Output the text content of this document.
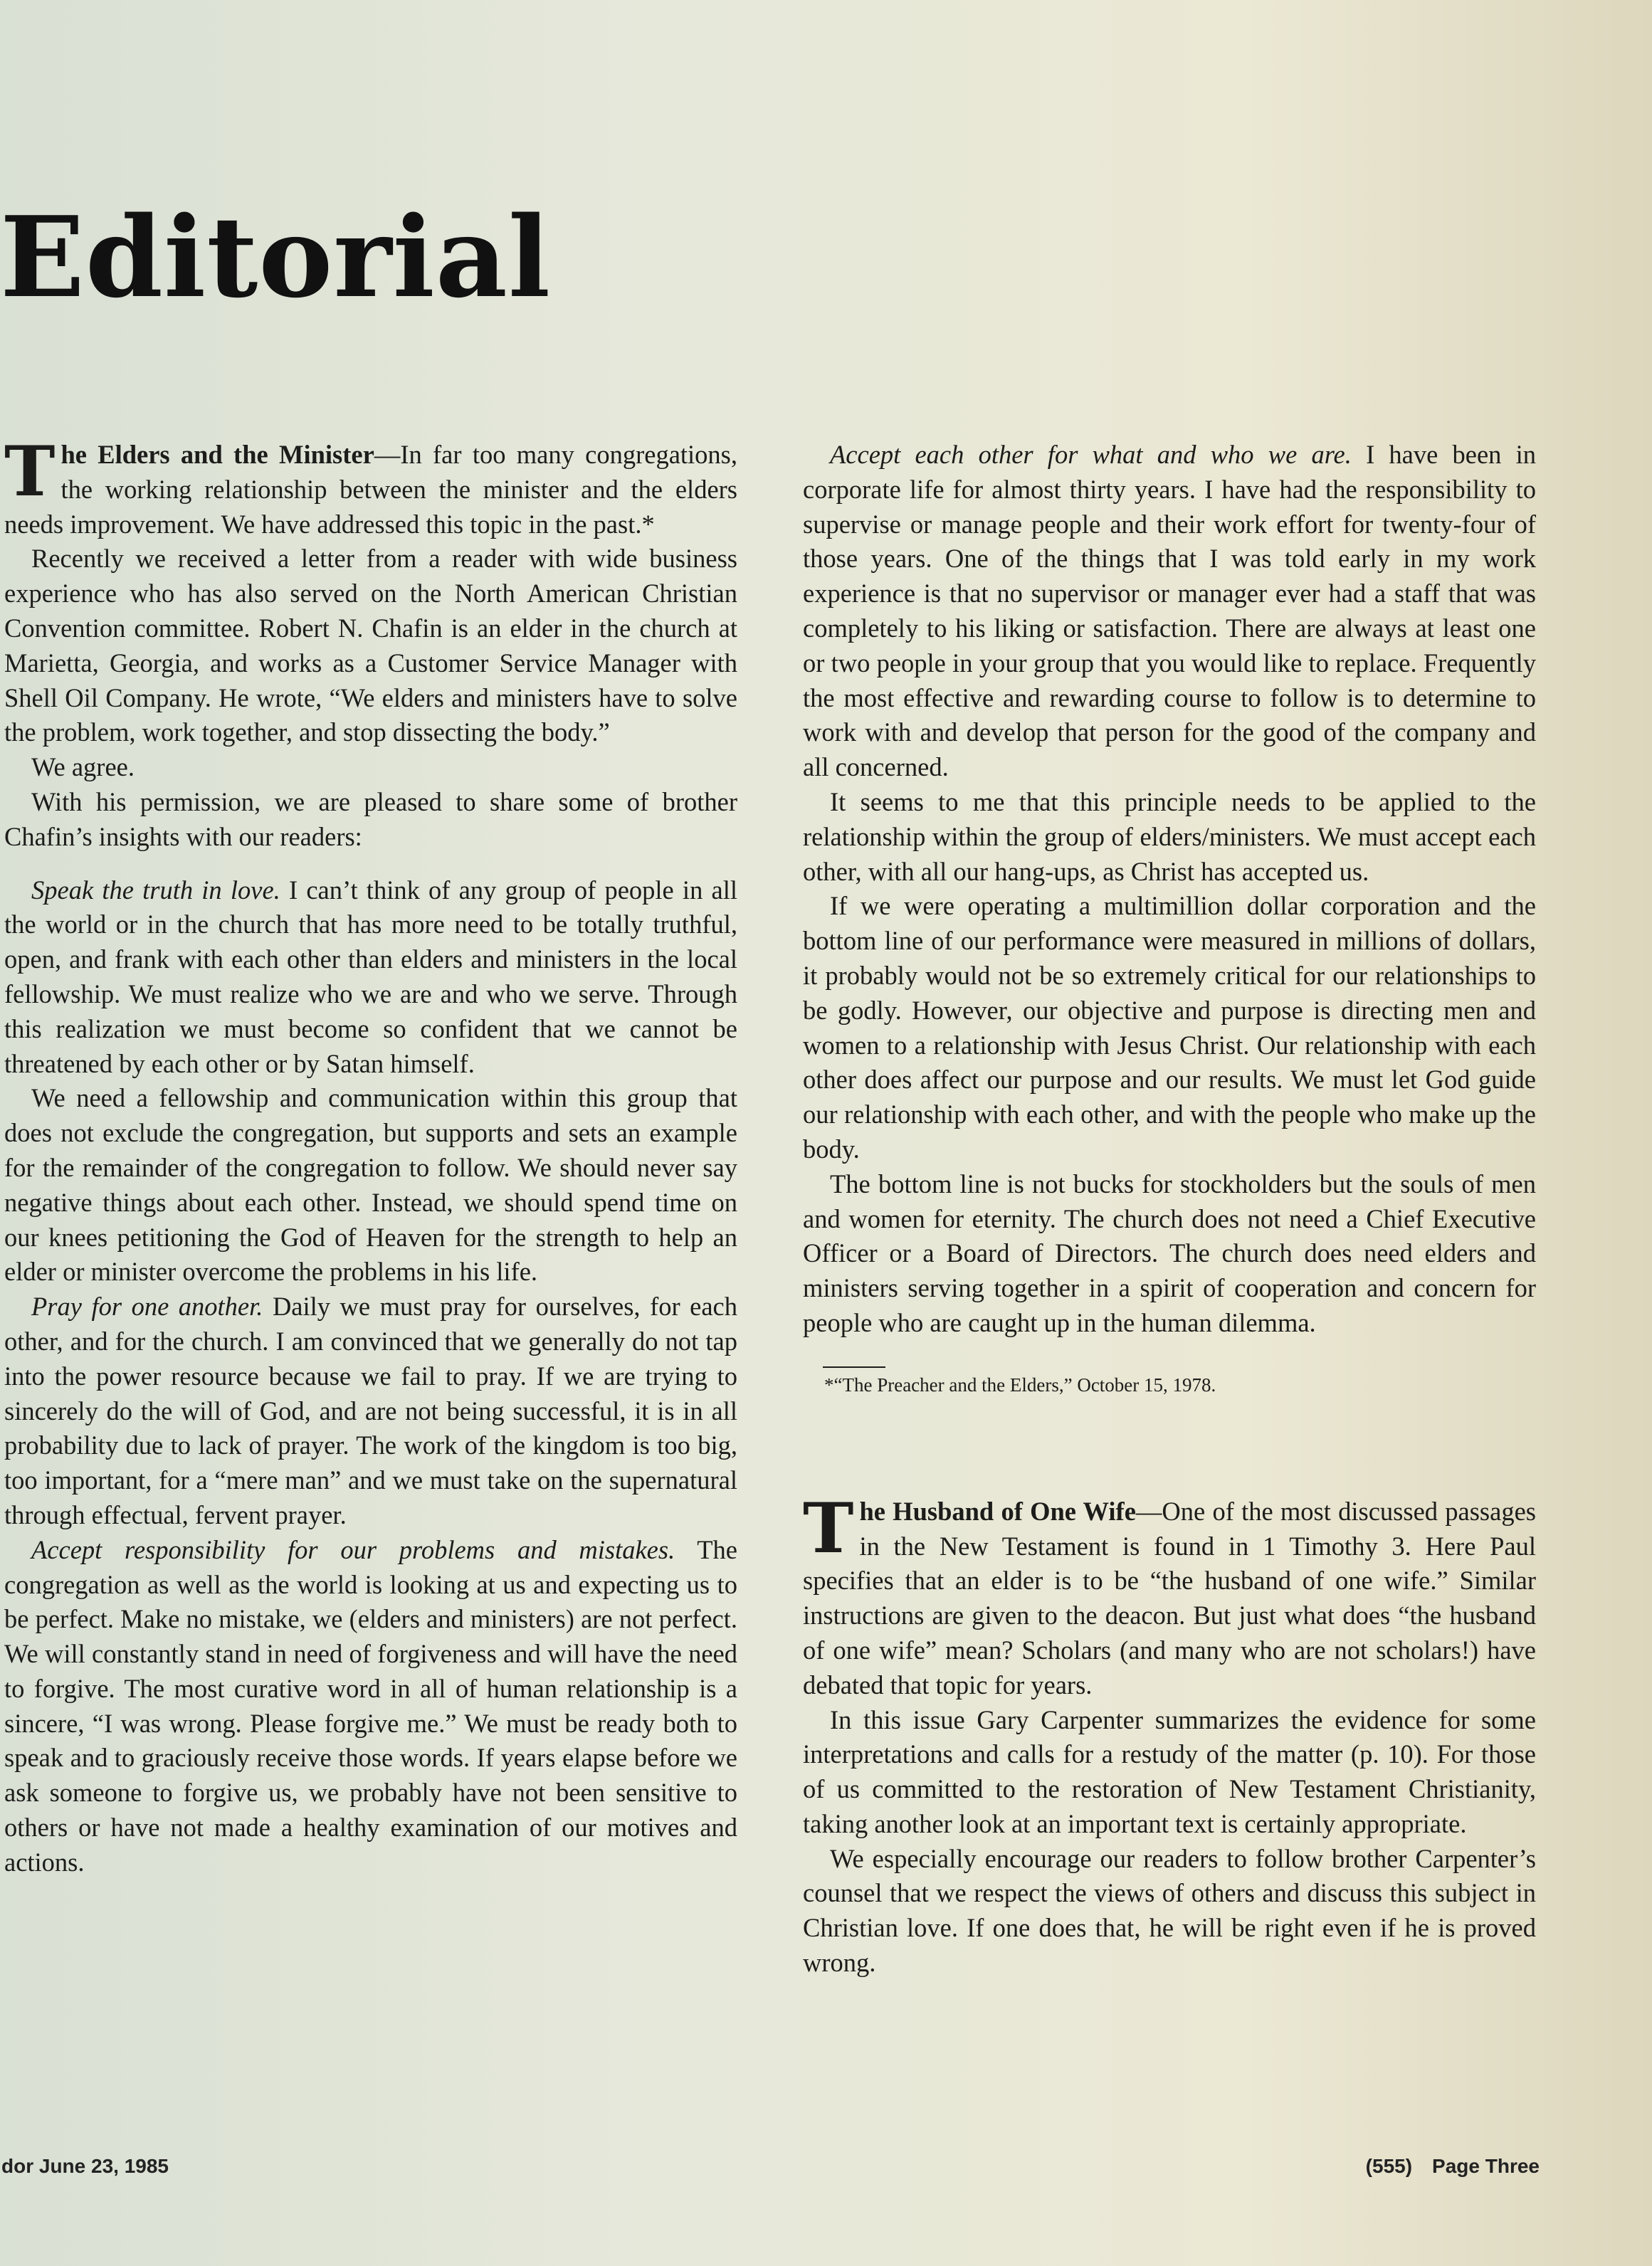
Editorial

The Elders and the Minister—In far too many congregations, the working relationship between the minister and the elders needs improvement. We have addressed this topic in the past.*

Recently we received a letter from a reader with wide business experience who has also served on the North American Christian Convention committee. Robert N. Chafin is an elder in the church at Marietta, Georgia, and works as a Customer Service Manager with Shell Oil Company. He wrote, “We elders and ministers have to solve the problem, work together, and stop dissecting the body.”

We agree.

With his permission, we are pleased to share some of brother Chafin’s insights with our readers:

Speak the truth in love. I can’t think of any group of people in all the world or in the church that has more need to be totally truthful, open, and frank with each other than elders and ministers in the local fellowship. We must realize who we are and who we serve. Through this realization we must become so confident that we cannot be threatened by each other or by Satan himself.

We need a fellowship and communication within this group that does not exclude the congregation, but supports and sets an example for the remainder of the congregation to follow. We should never say negative things about each other. Instead, we should spend time on our knees petitioning the God of Heaven for the strength to help an elder or minister overcome the problems in his life.

Pray for one another. Daily we must pray for ourselves, for each other, and for the church. I am convinced that we generally do not tap into the power resource because we fail to pray. If we are trying to sincerely do the will of God, and are not being successful, it is in all probability due to lack of prayer. The work of the kingdom is too big, too important, for a “mere man” and we must take on the supernatural through effectual, fervent prayer.

Accept responsibility for our problems and mistakes. The congregation as well as the world is looking at us and expecting us to be perfect. Make no mistake, we (elders and ministers) are not perfect. We will constantly stand in need of forgiveness and will have the need to forgive. The most curative word in all of human relationship is a sincere, “I was wrong. Please forgive me.” We must be ready both to speak and to graciously receive those words. If years elapse before we ask someone to forgive us, we probably have not been sensitive to others or have not made a healthy examination of our motives and actions.

Accept each other for what and who we are. I have been in corporate life for almost thirty years. I have had the responsibility to supervise or manage people and their work effort for twenty-four of those years. One of the things that I was told early in my work experience is that no supervisor or manager ever had a staff that was completely to his liking or satisfaction. There are always at least one or two people in your group that you would like to replace. Frequently the most effective and rewarding course to follow is to determine to work with and develop that person for the good of the company and all concerned.

It seems to me that this principle needs to be applied to the relationship within the group of elders/ministers. We must accept each other, with all our hang-ups, as Christ has accepted us.

If we were operating a multimillion dollar corporation and the bottom line of our performance were measured in millions of dollars, it probably would not be so extremely critical for our relationships to be godly. However, our objective and purpose is directing men and women to a relationship with Jesus Christ. Our relationship with each other does affect our purpose and our results. We must let God guide our relationship with each other, and with the people who make up the body.

The bottom line is not bucks for stockholders but the souls of men and women for eternity. The church does not need a Chief Executive Officer or a Board of Directors. The church does need elders and ministers serving together in a spirit of cooperation and concern for people who are caught up in the human dilemma.

*“The Preacher and the Elders,” October 15, 1978.

The Husband of One Wife—One of the most discussed passages in the New Testament is found in 1 Timothy 3. Here Paul specifies that an elder is to be “the husband of one wife.” Similar instructions are given to the deacon. But just what does “the husband of one wife” mean? Scholars (and many who are not scholars!) have debated that topic for years.

In this issue Gary Carpenter summarizes the evidence for some interpretations and calls for a restudy of the matter (p. 10). For those of us committed to the restoration of New Testament Christianity, taking another look at an important text is certainly appropriate.

We especially encourage our readers to follow brother Carpenter’s counsel that we respect the views of others and discuss this subject in Christian love. If one does that, he will be right even if he is proved wrong.

dor June 23, 1985	(555) Page Three
